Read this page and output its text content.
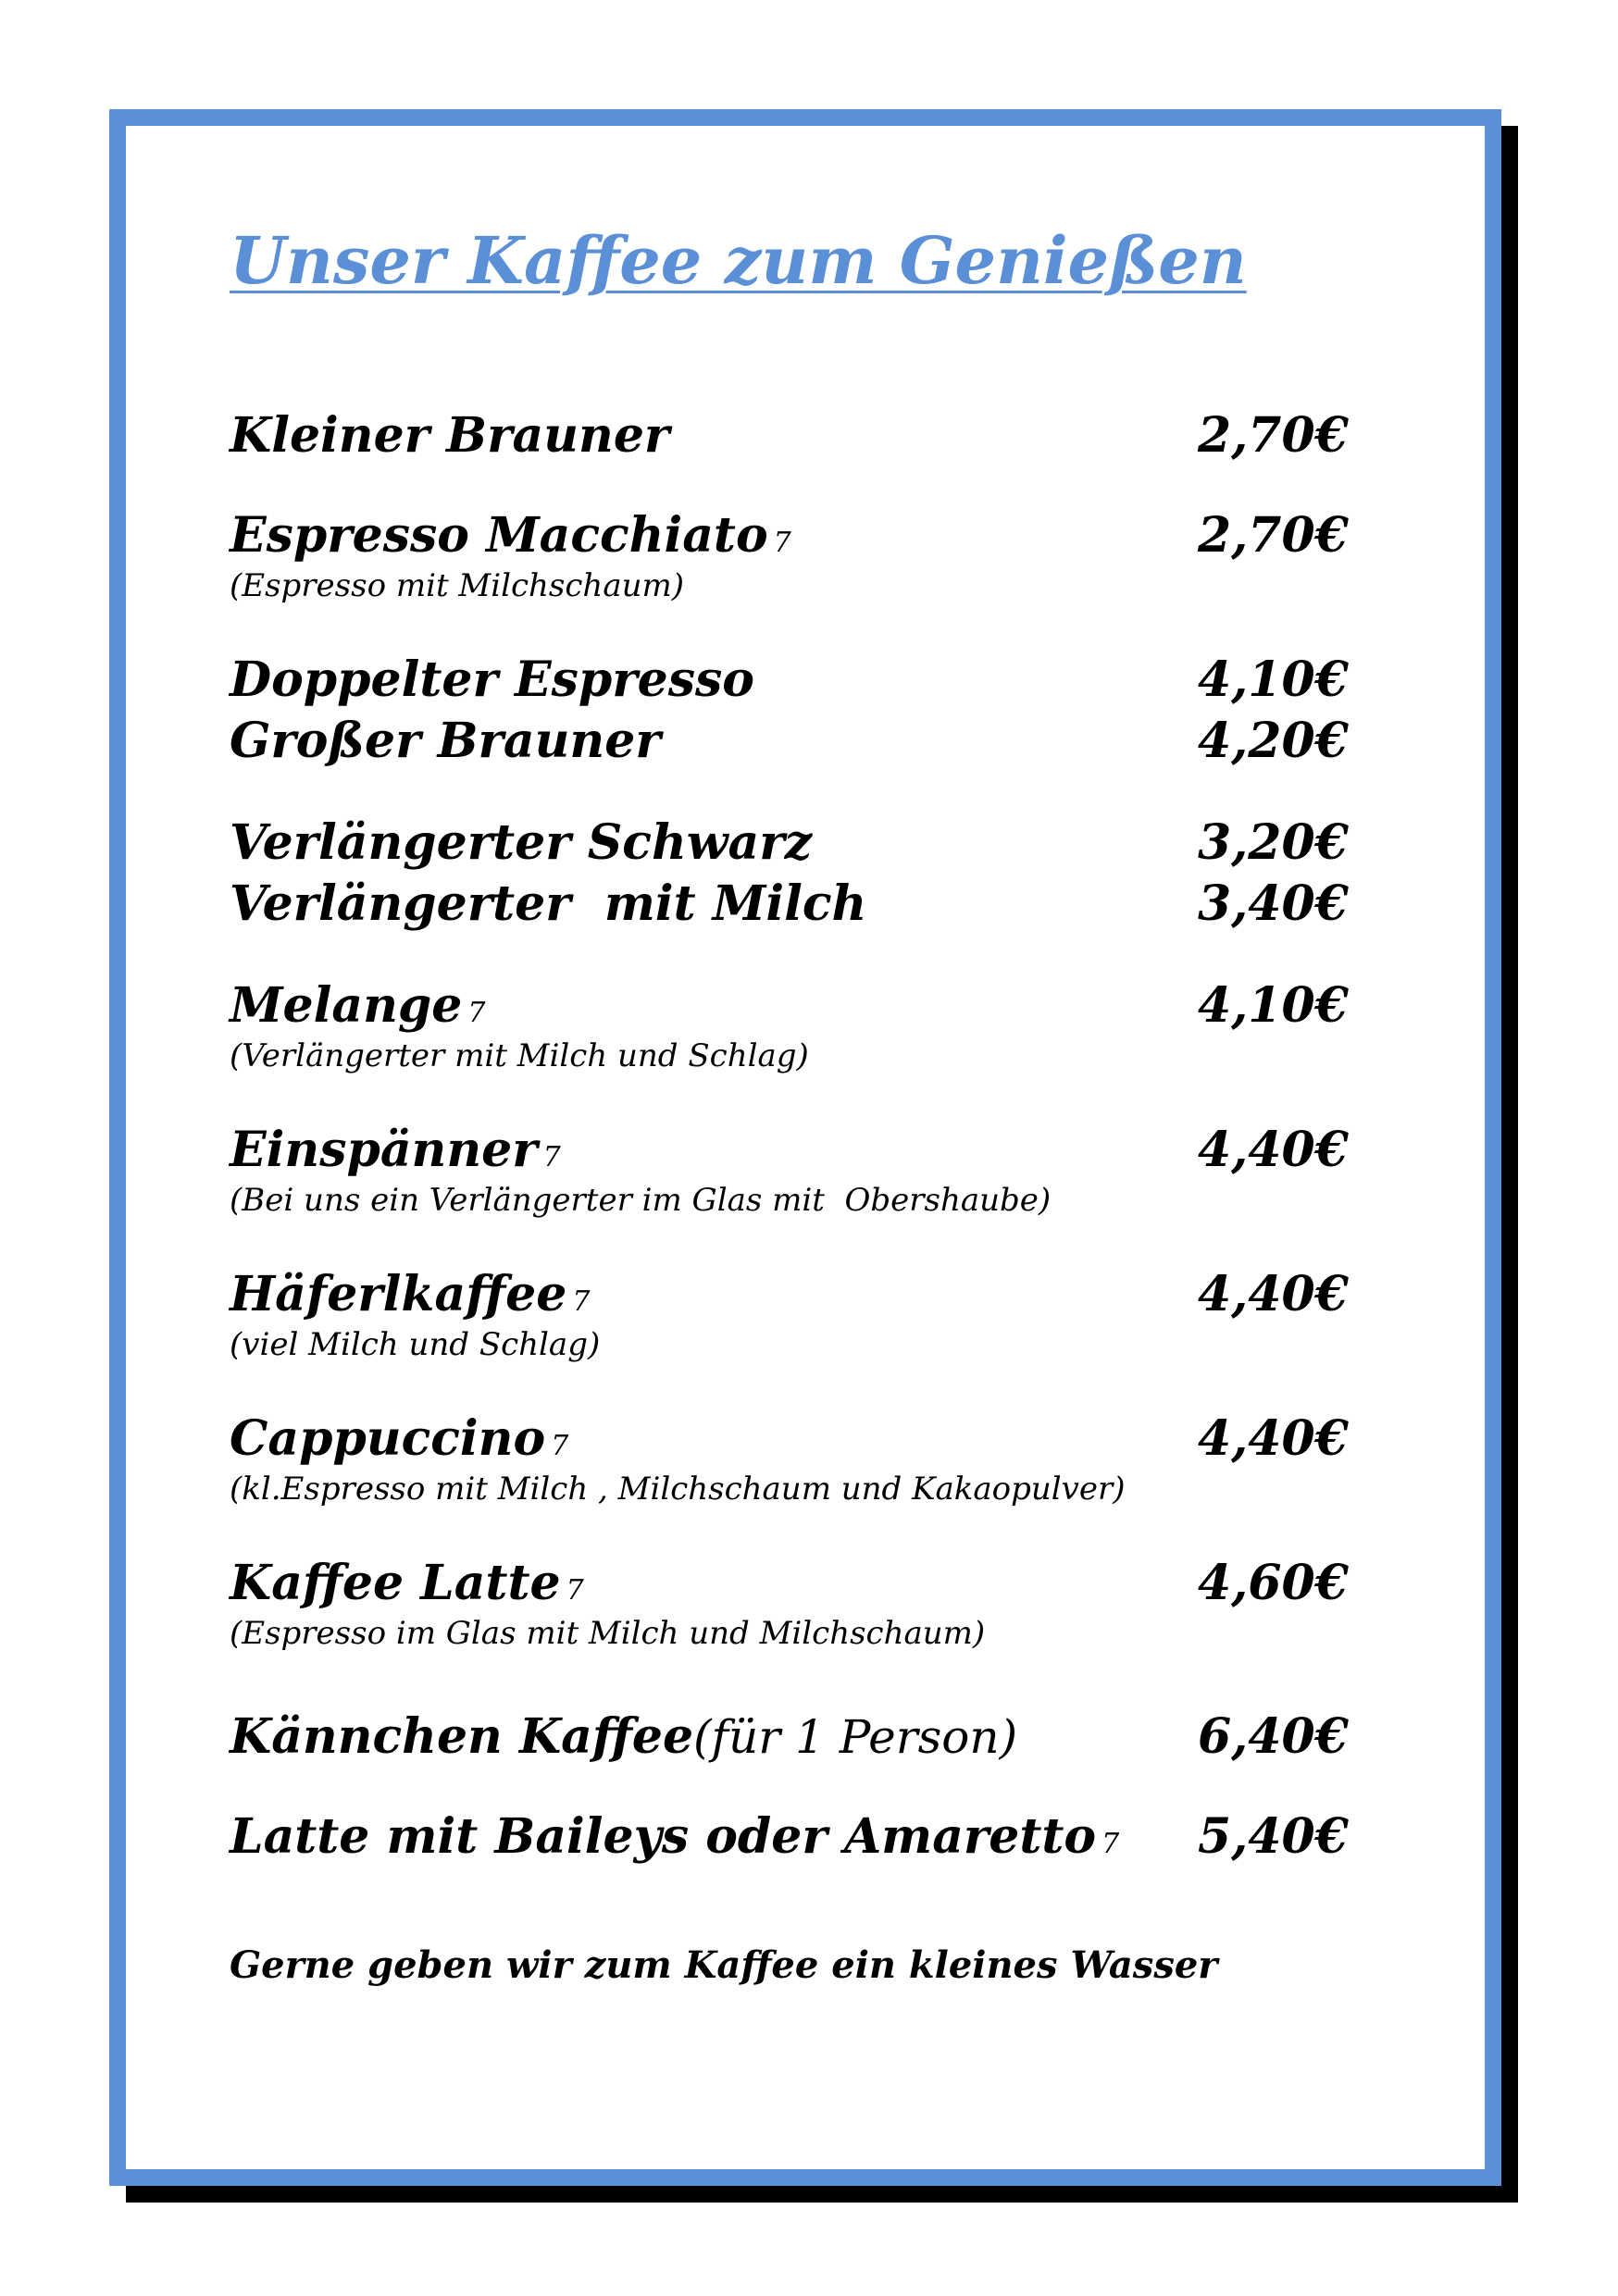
Unser Kaffee zum Genießen
Kleiner Brauner	2,70€
Espresso Macchiato 7	2,70€
(Espresso mit Milchschaum)
Doppelter Espresso	4,10€
Großer Brauner	4,20€
Verlängerter Schwarz	3,20€
Verlängerter  mit Milch	3,40€
Melange 7	4,10€
(Verlängerter mit Milch und Schlag)
Einspänner 7	4,40€
(Bei uns ein Verlängerter im Glas mit  Obershaube)
Häferlkaffee 7	4,40€
(viel Milch und Schlag)
Cappuccino 7	4,40€
(kl.Espresso mit Milch , Milchschaum und Kakaopulver)
Kaffee Latte 7	4,60€
(Espresso im Glas mit Milch und Milchschaum)
Kännchen Kaffee(für 1 Person)	6,40€
Latte mit Baileys oder Amaretto 7 5,40€
Gerne geben wir zum Kaffee ein kleines Wasser
